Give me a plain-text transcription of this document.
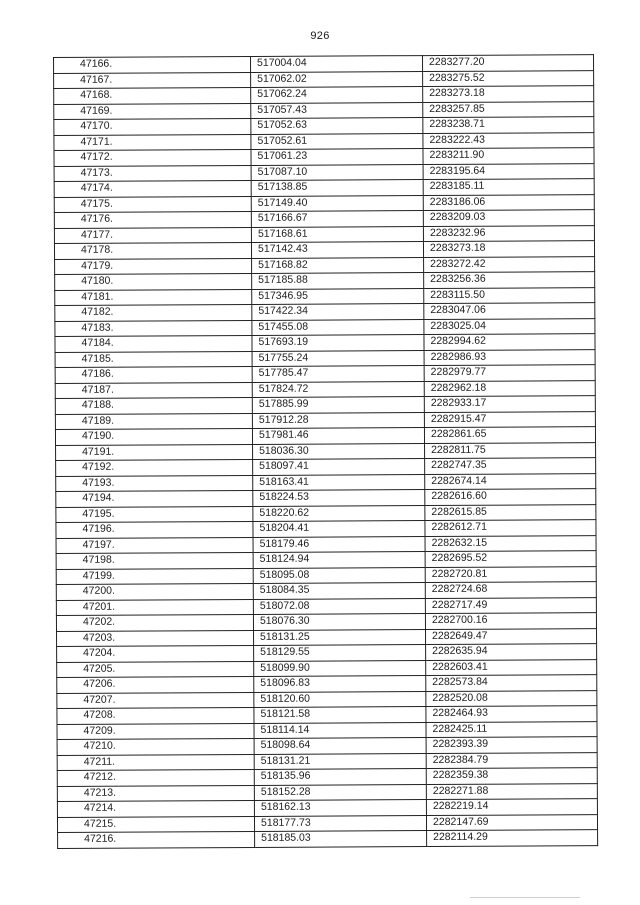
926
47166.	517004.04	2283277.20
47167.	517062.02	2283275.52
47168.	517062.24	2283273.18
47169.	517057.43	2283257.85
47170.	517052.63	2283238.71
47171.	517052.61	2283222.43
47172.	517061.23	2283211.90
47173.	517087.10	2283195.64
47174.	517138.85	2283185.11
47175.	517149.40	2283186.06
47176.	517166.67	2283209.03
47177.	517168.61	2283232.96
47178.	517142.43	2283273.18
47179.	517168.82	2283272.42
47180.	517185.88	2283256.36
47181.	517346.95	2283115.50
47182.	517422.34	2283047.06
47183.	517455.08	2283025.04
47184.	517693.19	2282994.62
47185.	517755.24	2282986.93
47186.	517785.47	2282979.77
47187.	517824.72	2282962.18
47188.	517885.99	2282933.17
47189.	517912.28	2282915.47
47190.	517981.46	2282861.65
47191.	518036.30	2282811.75
47192.	518097.41	2282747.35
47193.	518163.41	2282674.14
47194.	518224.53	2282616.60
47195.	518220.62	2282615.85
47196.	518204.41	2282612.71
47197.	518179.46	2282632.15
47198.	518124.94	2282695.52
47199.	518095.08	2282720.81
47200.	518084.35	2282724.68
47201.	518072.08	2282717.49
47202.	518076.30	2282700.16
47203.	518131.25	2282649.47
47204.	518129.55	2282635.94
47205.	518099.90	2282603.41
47206.	518096.83	2282573.84
47207.	518120.60	2282520.08
47208.	518121.58	2282464.93
47209.	518114.14	2282425.11
47210.	518098.64	2282393.39
47211.	518131.21	2282384.79
47212.	518135.96	2282359.38
47213.	518152.28	2282271.88
47214.	518162.13	2282219.14
47215.	518177.73	2282147.69
47216.	518185.03	2282114.29
